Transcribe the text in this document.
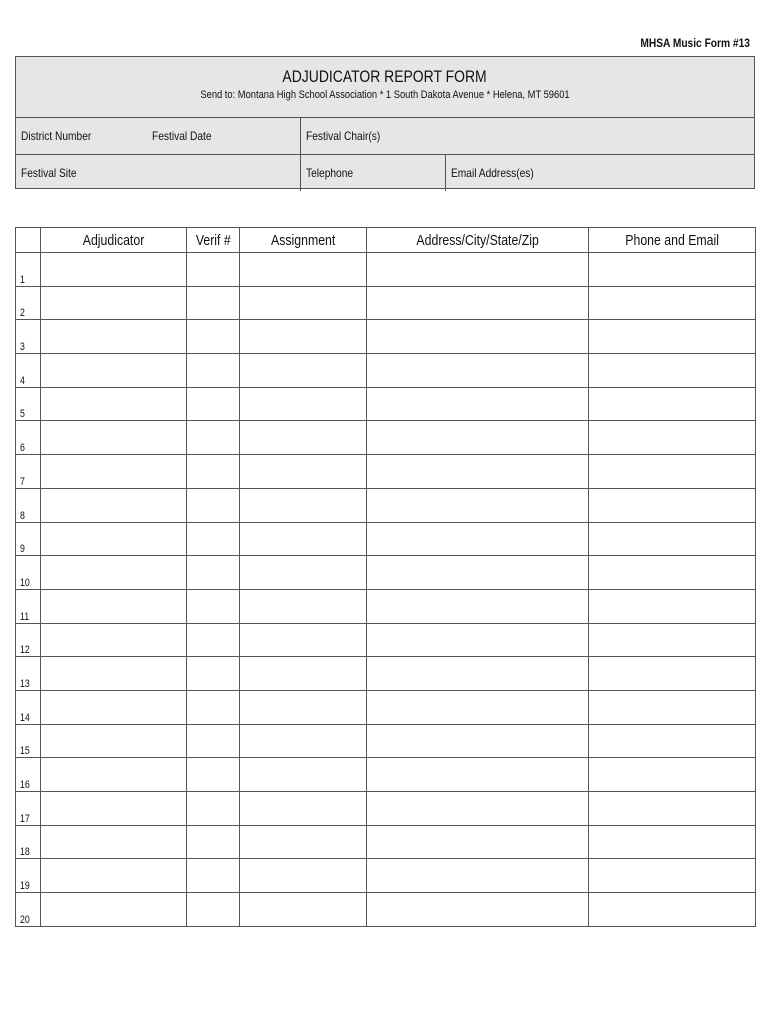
MHSA Music Form #13
ADJUDICATOR REPORT FORM
Send to: Montana High School Association * 1 South Dakota Avenue * Helena, MT 59601
District Number	Festival Date	Festival Chair(s)
Festival Site	Telephone	Email Address(es)
	Adjudicator	Verif #	Assignment	Address/City/State/Zip	Phone and Email
1					
2					
3					
4					
5					
6					
7					
8					
9					
10					
11					
12					
13					
14					
15					
16					
17					
18					
19					
20					
